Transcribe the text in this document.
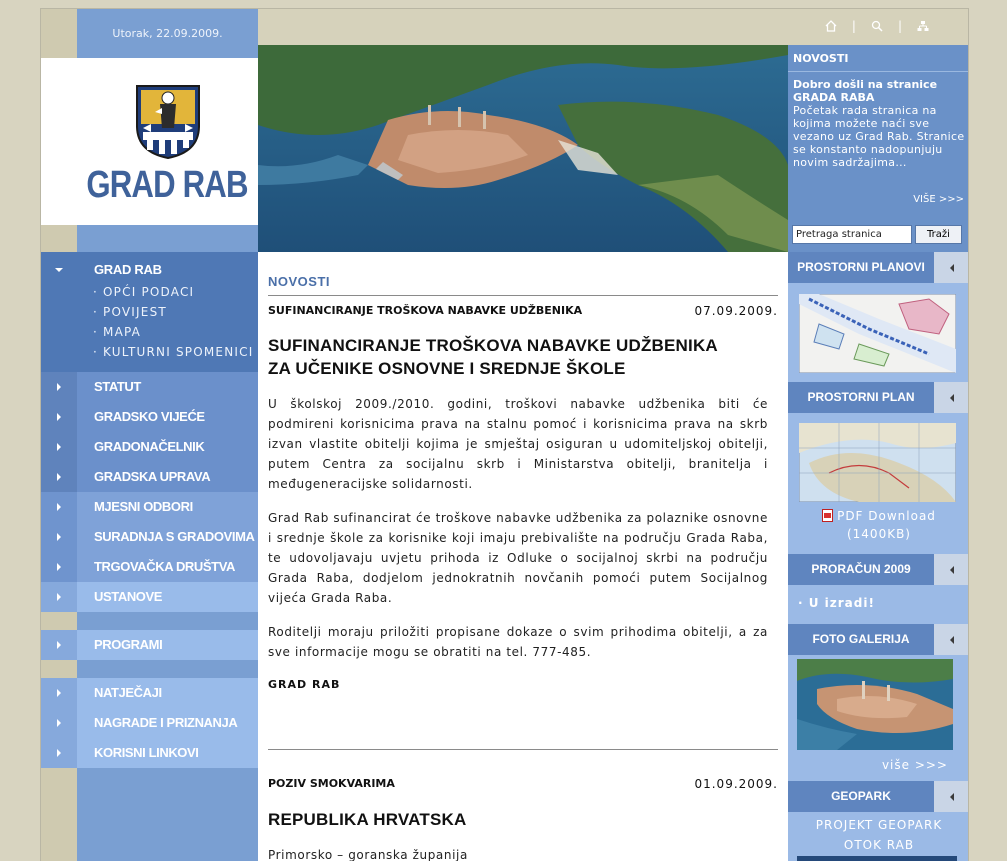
Utorak, 22.09.2009.
GRAD RAB
|	|
NOVOSTI
Dobro došli na stranice GRADA RABA
Početak rada stranica na kojima možete naći sve vezano uz Grad Rab. Stranice se konstanto nadopunjuju novim sadržajima...
VIŠE >>>
Pretraga stranica
Traži
GRAD RAB
· OPĆI PODACI
· POVIJEST
· MAPA
· KULTURNI SPOMENICI
STATUT
GRADSKO VIJEĆE
GRADONAČELNIK
GRADSKA UPRAVA
MJESNI ODBORI
SURADNJA S GRADOVIMA
TRGOVAČKA DRUŠTVA
USTANOVE
PROGRAMI
NATJEČAJI
NAGRADE I PRIZNANJA
KORISNI LINKOVI
NOVOSTI
SUFINANCIRANJE TROŠKOVA NABAVKE UDŽBENIKA	07.09.2009.
SUFINANCIRANJE TROŠKOVA NABAVKE UDŽBENIKA ZA UČENIKE OSNOVNE I SREDNJE ŠKOLE
U školskoj 2009./2010. godini, troškovi nabavke udžbenika biti će podmireni korisnicima prava na stalnu pomoć i korisnicima prava na skrb izvan vlastite obitelji kojima je smještaj osiguran u udomiteljskoj obitelji, putem Centra za socijalnu skrb i Ministarstva obitelji, branitelja i međugeneracijske solidarnosti.
Grad Rab sufinancirat će troškove nabavke udžbenika za polaznike osnovne i srednje škole za korisnike koji imaju prebivalište na području Grada Raba, te udovoljavaju uvjetu prihoda iz Odluke o socijalnoj skrbi na području Grada Raba, dodjelom jednokratnih novčanih pomoći putem Socijalnog vijeća Grada Raba.
Roditelji moraju priložiti propisane dokaze o svim prihodima obitelji, a za sve informacije mogu se obratiti na tel. 777-485.
GRAD RAB
POZIV SMOKVARIMA	01.09.2009.
REPUBLIKA HRVATSKA
Primorsko – goranska županija
PROSTORNI PLANOVI
PROSTORNI PLAN
PDF Download
(1400KB)
PRORAČUN 2009
· U izradi!
FOTO GALERIJA
više >>>
GEOPARK
PROJEKT GEOPARK
OTOK RAB
